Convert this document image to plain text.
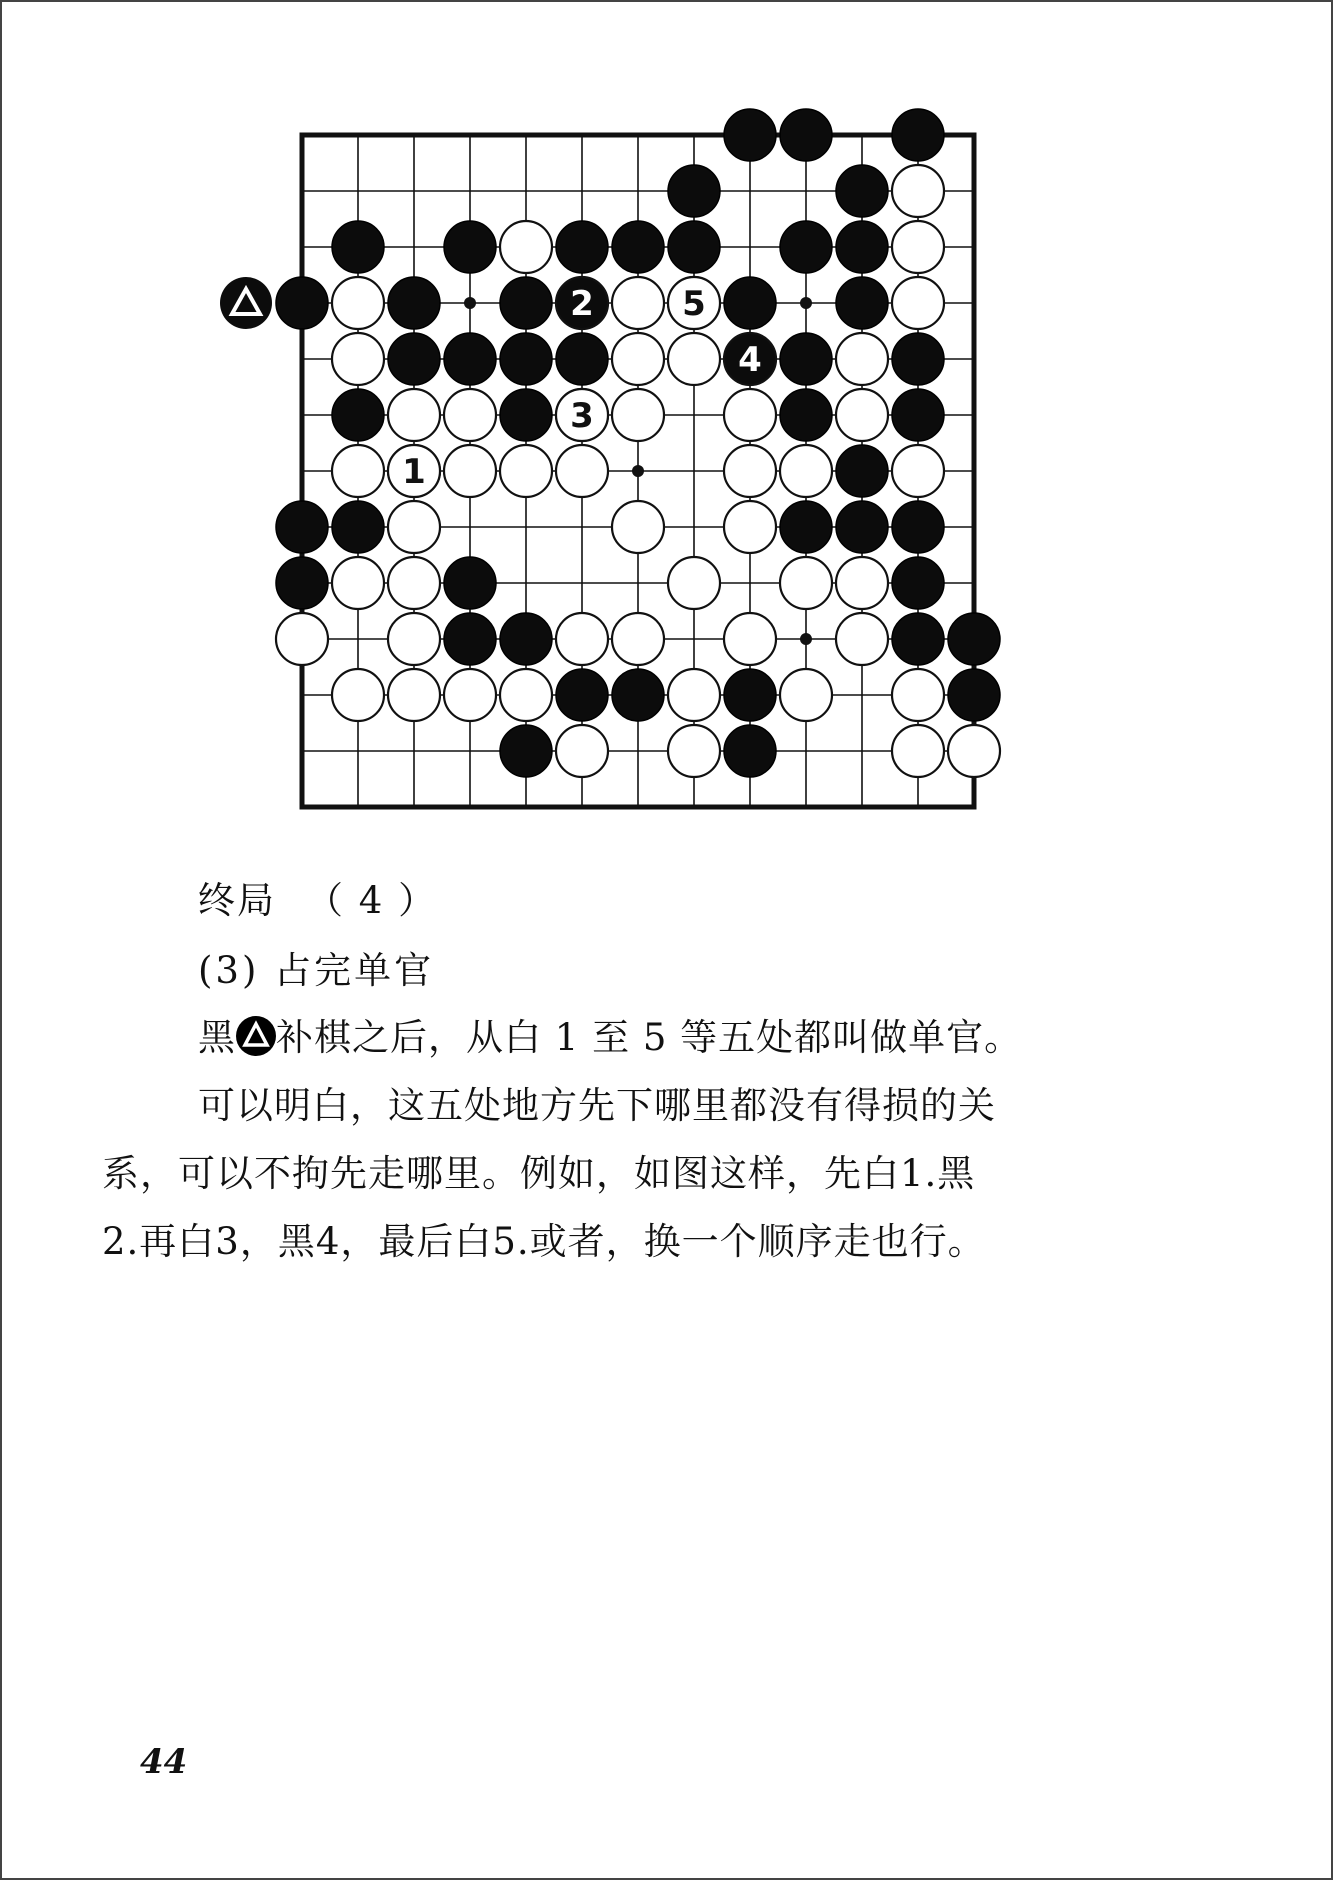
1
2
3
4
5
终局 （ 4 ）
(3) 占完单官

黑 补棋之后，从白 1 至 5 等五处都叫做单官。

可以明白，这五处地方先下哪里都没有得损的关

系，可以不拘先走哪里。例如，如图这样，先白1.黑

2.再白3，黑4，最后白5.或者，换一个顺序走也行。

44
